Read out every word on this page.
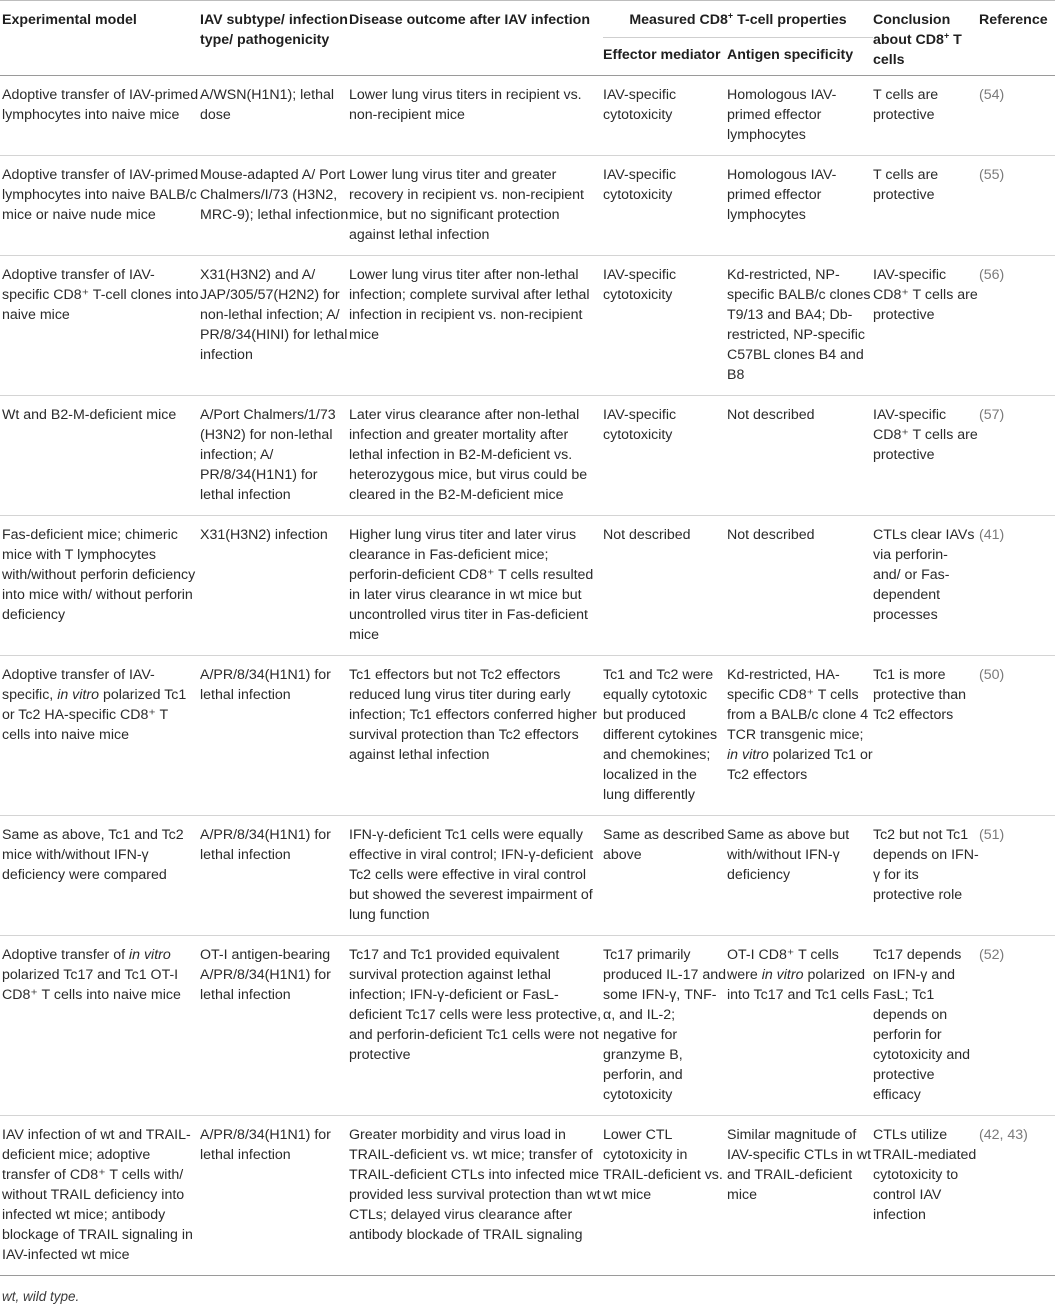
Experimental model	IAV subtype/ infection type/ pathogenicity	Disease outcome after IAV infection	Measured CD8+ T-cell properties		Conclusion about CD8+ T cells	Reference
			Effector mediator	Antigen specificity		
Adoptive transfer of IAV-primed lymphocytes into naive mice	A/WSN(H1N1); lethal dose	Lower lung virus titers in recipient vs. non-recipient mice	IAV-specific cytotoxicity	Homologous IAV-primed effector lymphocytes	T cells are protective	(54)
Adoptive transfer of IAV-primed lymphocytes into naive BALB/c mice or naive nude mice	Mouse-adapted A/ Port Chalmers/I/73 (H3N2, MRC-9); lethal infection	Lower lung virus titer and greater recovery in recipient vs. non-recipient mice, but no significant protection against lethal infection	IAV-specific cytotoxicity	Homologous IAV-primed effector lymphocytes	T cells are protective	(55)
Adoptive transfer of IAV-specific CD8⁺ T-cell clones into naive mice	X31(H3N2) and A/ JAP/305/57(H2N2) for non-lethal infection; A/ PR/8/34(HINI) for lethal infection	Lower lung virus titer after non-lethal infection; complete survival after lethal infection in recipient vs. non-recipient mice	IAV-specific cytotoxicity	Kd-restricted, NP-specific BALB/c clones T9/13 and BA4; Db-restricted, NP-specific C57BL clones B4 and B8	IAV-specific CD8⁺ T cells are protective	(56)
Wt and B2-M-deficient mice	A/Port Chalmers/1/73 (H3N2) for non-lethal infection; A/ PR/8/34(H1N1) for lethal infection	Later virus clearance after non-lethal infection and greater mortality after lethal infection in B2-M-deficient vs. heterozygous mice, but virus could be cleared in the B2-M-deficient mice	IAV-specific cytotoxicity	Not described	IAV-specific CD8⁺ T cells are protective	(57)
Fas-deficient mice; chimeric mice with T lymphocytes with/without perforin deficiency into mice with/ without perforin deficiency	X31(H3N2) infection	Higher lung virus titer and later virus clearance in Fas-deficient mice; perforin-deficient CD8⁺ T cells resulted in later virus clearance in wt mice but uncontrolled virus titer in Fas-deficient mice	Not described	Not described	CTLs clear IAVs via perforin- and/ or Fas-dependent processes	(41)
Adoptive transfer of IAV-specific, in vitro polarized Tc1 or Tc2 HA-specific CD8⁺ T cells into naive mice	A/PR/8/34(H1N1) for lethal infection	Tc1 effectors but not Tc2 effectors reduced lung virus titer during early infection; Tc1 effectors conferred higher survival protection than Tc2 effectors against lethal infection	Tc1 and Tc2 were equally cytotoxic but produced different cytokines and chemokines; localized in the lung differently	Kd-restricted, HA-specific CD8⁺ T cells from a BALB/c clone 4 TCR transgenic mice; in vitro polarized Tc1 or Tc2 effectors	Tc1 is more protective than Tc2 effectors	(50)
Same as above, Tc1 and Tc2 mice with/without IFN-γ deficiency were compared	A/PR/8/34(H1N1) for lethal infection	IFN-γ-deficient Tc1 cells were equally effective in viral control; IFN-γ-deficient Tc2 cells were effective in viral control but showed the severest impairment of lung function	Same as described above	Same as above but with/without IFN-γ deficiency	Tc2 but not Tc1 depends on IFN-γ for its protective role	(51)
Adoptive transfer of in vitro polarized Tc17 and Tc1 OT-I CD8⁺ T cells into naive mice	OT-I antigen-bearing A/PR/8/34(H1N1) for lethal infection	Tc17 and Tc1 provided equivalent survival protection against lethal infection; IFN-γ-deficient or FasL-deficient Tc17 cells were less protective, and perforin-deficient Tc1 cells were not protective	Tc17 primarily produced IL-17 and some IFN-γ, TNF-α, and IL-2; negative for granzyme B, perforin, and cytotoxicity	OT-I CD8⁺ T cells were in vitro polarized into Tc17 and Tc1 cells	Tc17 depends on IFN-γ and FasL; Tc1 depends on perforin for cytotoxicity and protective efficacy	(52)
IAV infection of wt and TRAIL-deficient mice; adoptive transfer of CD8⁺ T cells with/ without TRAIL deficiency into infected wt mice; antibody blockage of TRAIL signaling in IAV-infected wt mice	A/PR/8/34(H1N1) for lethal infection	Greater morbidity and virus load in TRAIL-deficient vs. wt mice; transfer of TRAIL-deficient CTLs into infected mice provided less survival protection than wt CTLs; delayed virus clearance after antibody blockade of TRAIL signaling	Lower CTL cytotoxicity in TRAIL-deficient vs. wt mice	Similar magnitude of IAV-specific CTLs in wt and TRAIL-deficient mice	CTLs utilize TRAIL-mediated cytotoxicity to control IAV infection	(42, 43)
wt, wild type.
